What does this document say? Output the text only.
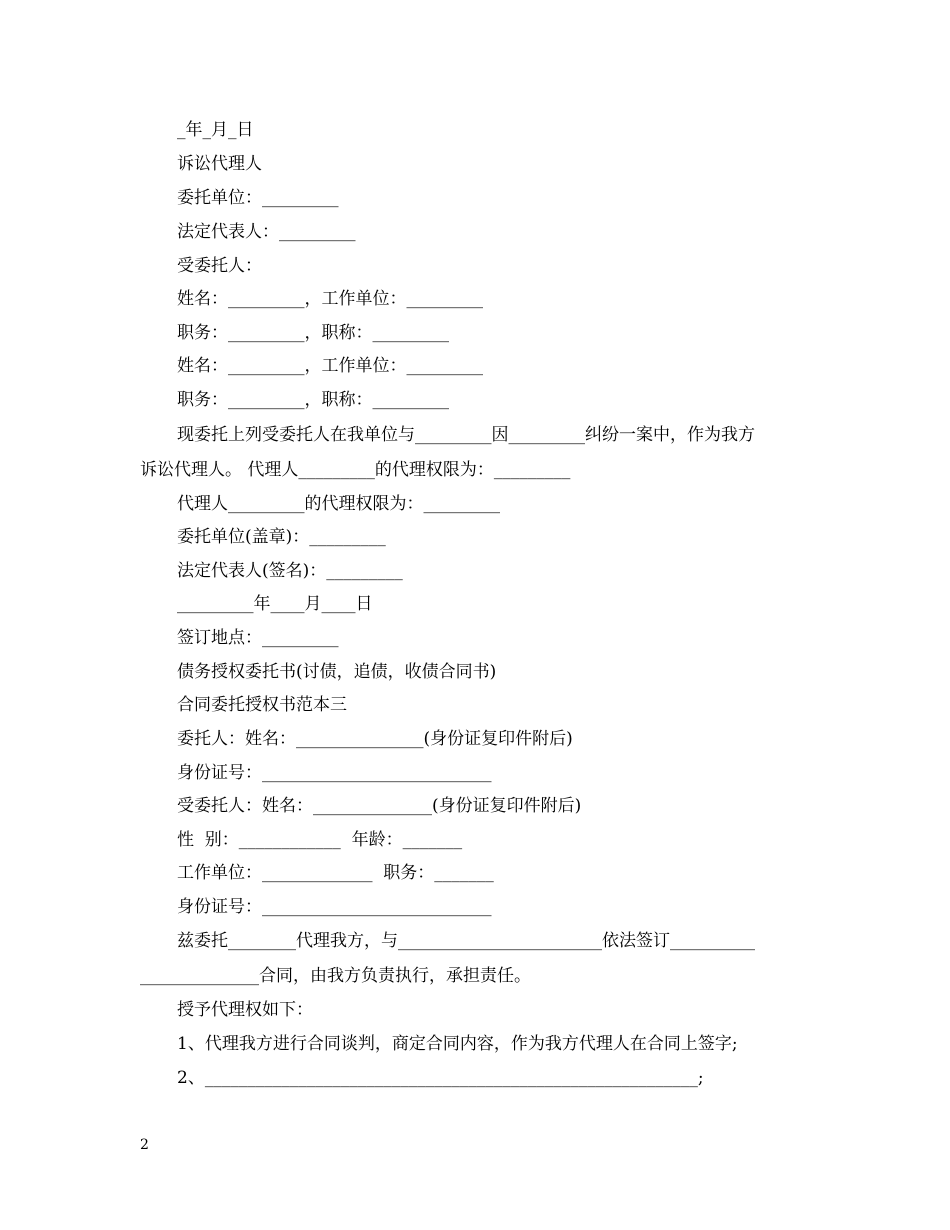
_年_月_日
诉讼代理人
委托单位：_________
法定代表人：_________
受委托人：
姓名：_________，工作单位：_________
职务：_________，职称：_________
姓名：_________，工作单位：_________
职务：_________，职称：_________
现委托上列受委托人在我单位与_________因_________纠纷一案中，作为我方
诉讼代理人。 代理人_________的代理权限为：_________
代理人_________的代理权限为：_________
委托单位(盖章)：_________
法定代表人(签名)：_________
_________年____月____日
签订地点：_________
债务授权委托书(讨债，追债，收债合同书)
合同委托授权书范本三
委托人：姓名：_______________(身份证复印件附后)
身份证号：___________________________
受委托人：姓名：______________(身份证复印件附后)
性  别：____________  年龄：_______
工作单位：_____________  职务：_______
身份证号：___________________________
兹委托________代理我方，与________________________依法签订__________
______________合同，由我方负责执行，承担责任。
授予代理权如下：
1、代理我方进行合同谈判，商定合同内容，作为我方代理人在合同上签字;
2、__________________________________________________________;
2
